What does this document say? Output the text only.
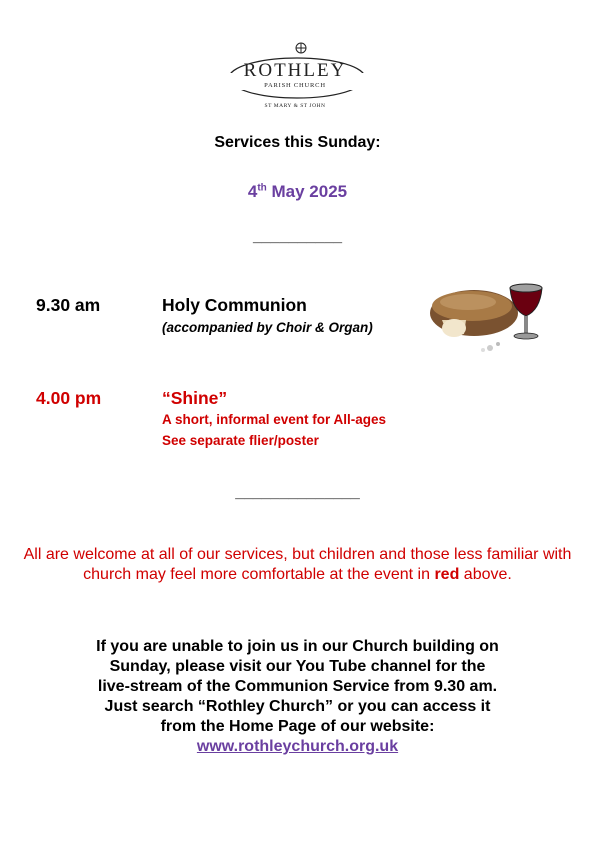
ROTHLEY
PARISH CHURCH
ST MARY & ST JOHN
Services this Sunday:
4th May 2025
__________
9.30 am	Holy Communion
(accompanied by Choir & Organ)
4.00 pm	“Shine”
A short, informal event for All-ages
See separate flier/poster
______________
All are welcome at all of our services, but children and those less familiar with church may feel more comfortable at the event in red above.
If you are unable to join us in our Church building on
Sunday, please visit our You Tube channel for the
live-stream of the Communion Service from 9.30 am.
Just search “Rothley Church” or you can access it
from the Home Page of our website:
www.rothleychurch.org.uk
